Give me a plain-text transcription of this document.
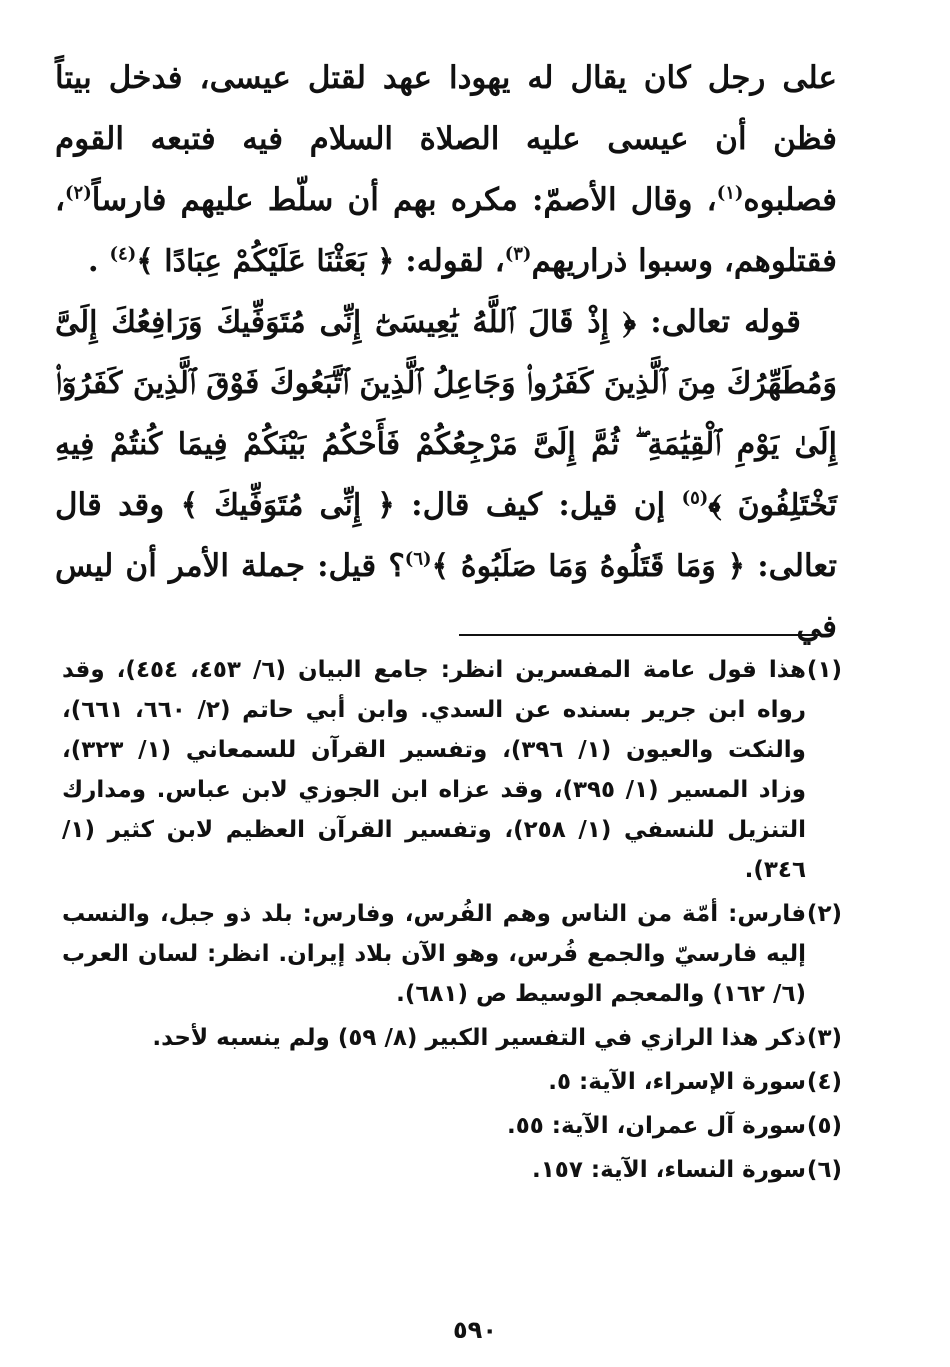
على رجل كان يقال له يهودا عهد لقتل عيسى، فدخل بيتاً فظن أن عيسى عليه الصلاة السلام فيه فتبعه القوم فصلبوه$^{(١)}$، وقال الأصمّ: مكره بهم أن سلّط عليهم فارساً$^{(٢)}$، فقتلوهم، وسبوا ذراريهم$^{(٣)}$، لقوله: ﴿ بَعَثْنَا عَلَيْكُمْ عِبَادًا ﴾$^{(٤)}$ .

قوله تعالى: ﴿ إِذْ قَالَ ٱللَّهُ يَٰعِيسَىٰٓ إِنِّى مُتَوَفِّيكَ وَرَافِعُكَ إِلَىَّ وَمُطَهِّرُكَ مِنَ ٱلَّذِينَ كَفَرُوا۟ وَجَاعِلُ ٱلَّذِينَ ٱتَّبَعُوكَ فَوْقَ ٱلَّذِينَ كَفَرُوٓا۟ إِلَىٰ يَوْمِ ٱلْقِيَٰمَةِ ۖ ثُمَّ إِلَىَّ مَرْجِعُكُمْ فَأَحْكُمُ بَيْنَكُمْ فِيمَا كُنتُمْ فِيهِ تَخْتَلِفُونَ ﴾$^{(٥)}$ إن قيل: كيف قال: ﴿ إِنِّى مُتَوَفِّيكَ ﴾ وقد قال تعالى: ﴿ وَمَا قَتَلُوهُ وَمَا صَلَبُوهُ ﴾$^{(٦)}$؟ قيل: جملة الأمر أن ليس في

(١)
هذا قول عامة المفسرين انظر: جامع البيان (٦/ ٤٥٣، ٤٥٤)، وقد رواه ابن جرير بسنده عن السدي. وابن أبي حاتم (٢/ ٦٦٠، ٦٦١)، والنكت والعيون (١/ ٣٩٦)، وتفسير القرآن للسمعاني (١/ ٣٢٣)، وزاد المسير (١/ ٣٩٥)، وقد عزاه ابن الجوزي لابن عباس. ومدارك التنزيل للنسفي (١/ ٢٥٨)، وتفسير القرآن العظيم لابن كثير (١/ ٣٤٦).
(٢)
فارس: أمّة من الناس وهم الفُرس، وفارس: بلد ذو جبل، والنسب إليه فارسيّ والجمع فُرس، وهو الآن بلاد إيران. انظر: لسان العرب (٦/ ١٦٢) والمعجم الوسيط ص (٦٨١).
(٣)
ذكر هذا الرازي في التفسير الكبير (٨/ ٥٩) ولم ينسبه لأحد.
(٤)
سورة الإسراء، الآية: ٥.
(٥)
سورة آل عمران، الآية: ٥٥.
(٦)
سورة النساء، الآية: ١٥٧.
٥٩٠
